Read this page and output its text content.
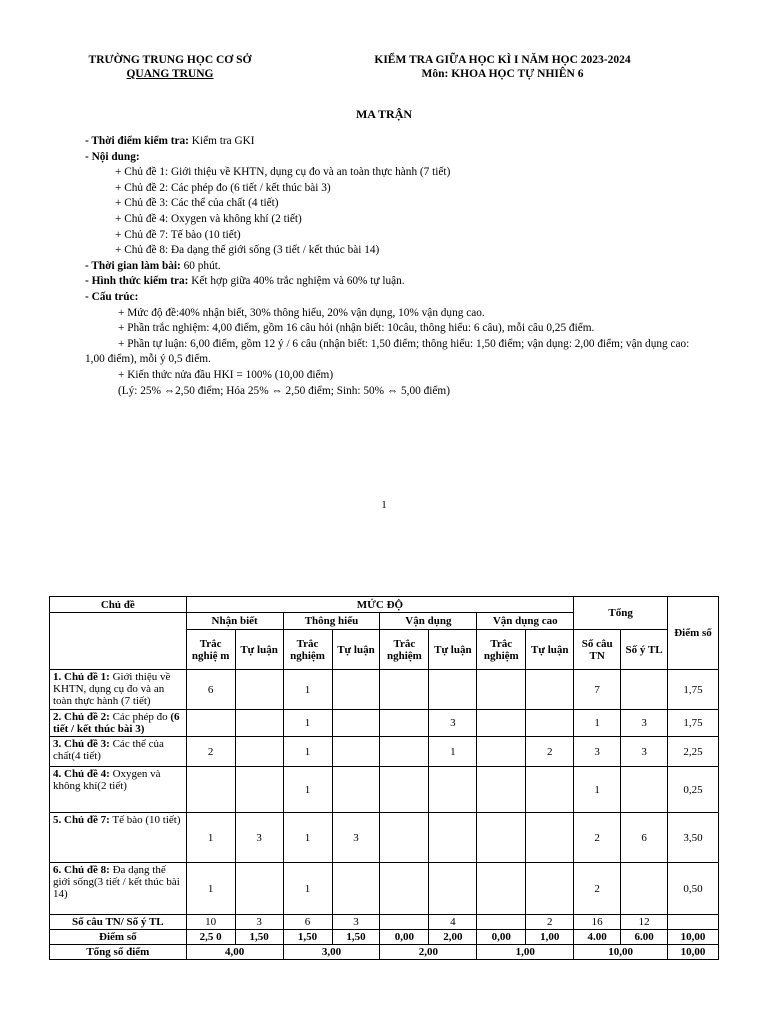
TRƯỜNG TRUNG HỌC CƠ SỞ
QUANG TRUNG
KIỂM TRA GIỮA HỌC KÌ I NĂM HỌC 2023-2024
Môn: KHOA HỌC TỰ NHIÊN 6
MA TRẬN
- Thời điểm kiểm tra: Kiểm tra GKI
- Nội dung:
+ Chủ đề 1: Giới thiệu về KHTN, dụng cụ đo và an toàn thực hành (7 tiết)
+ Chủ đề 2: Các phép đo (6 tiết / kết thúc bài 3)
+ Chủ đề 3: Các thể của chất (4 tiết)
+ Chủ đề 4: Oxygen và không khí (2 tiết)
+ Chủ đề 7: Tế bào (10 tiết)
+ Chủ đề 8: Đa dạng thế giới sống (3 tiết / kết thúc bài 14)
- Thời gian làm bài: 60 phút.
- Hình thức kiểm tra: Kết hợp giữa 40% trắc nghiệm và 60% tự luận.
- Cấu trúc:
+ Mức độ đề:40% nhận biết, 30% thông hiểu, 20% vận dụng, 10% vận dụng cao.
+ Phần trắc nghiệm: 4,00 điểm, gồm 16 câu hỏi (nhận biết: 10câu, thông hiểu: 6 câu), mỗi câu 0,25 điểm.
+ Phần tự luận: 6,00 điểm, gồm 12 ý / 6 câu (nhận biết: 1,50 điểm; thông hiểu: 1,50 điểm; vận dụng: 2,00 điểm; vận dụng cao: 1,00 điểm), mỗi ý 0,5 điểm.
+ Kiến thức nửa đầu HKI = 100% (10,00 điểm)
(Lý: 25% ⇔2,50 điểm; Hóa 25% ⇔ 2,50 điểm; Sinh: 50% ⇔ 5,00 điểm)
1
Chủ đề	MỨC ĐỘ								Tổng		Điểm số
	Nhận biết		Thông hiểu		Vận dụng		Vận dụng cao				
	Trắc nghiệ m	Tự luận	Trắc nghiệm	Tự luận	Trắc nghiệm	Tự luận	Trắc nghiệm	Tự luận	Số câu TN	Số ý TL	
1. Chủ đề 1: Giới thiệu về KHTN, dụng cụ đo và an toàn thực hành (7 tiết)	6		1						7		1,75
2. Chủ đề 2: Các phép đo (6 tiết / kết thúc bài 3)			1			3			1	3	1,75
3. Chủ đề 3: Các thể của chất(4 tiết)	2		1			1		2	3	3	2,25
4. Chủ đề 4: Oxygen và không khí(2 tiết)			1						1		0,25
5. Chủ đề 7: Tế bào (10 tiết)	1	3	1	3					2	6	3,50
6. Chủ đề 8: Đa dạng thế giới sống(3 tiết / kết thúc bài 14)	1		1						2		0,50
Số câu TN/ Số ý TL	10	3	6	3		4		2	16	12	
Điểm số	2,5 0	1,50	1,50	1,50	0,00	2,00	0,00	1,00	4.00	6.00	10,00
Tổng số điểm	4,00		3,00		2,00		1,00		10,00		10,00
